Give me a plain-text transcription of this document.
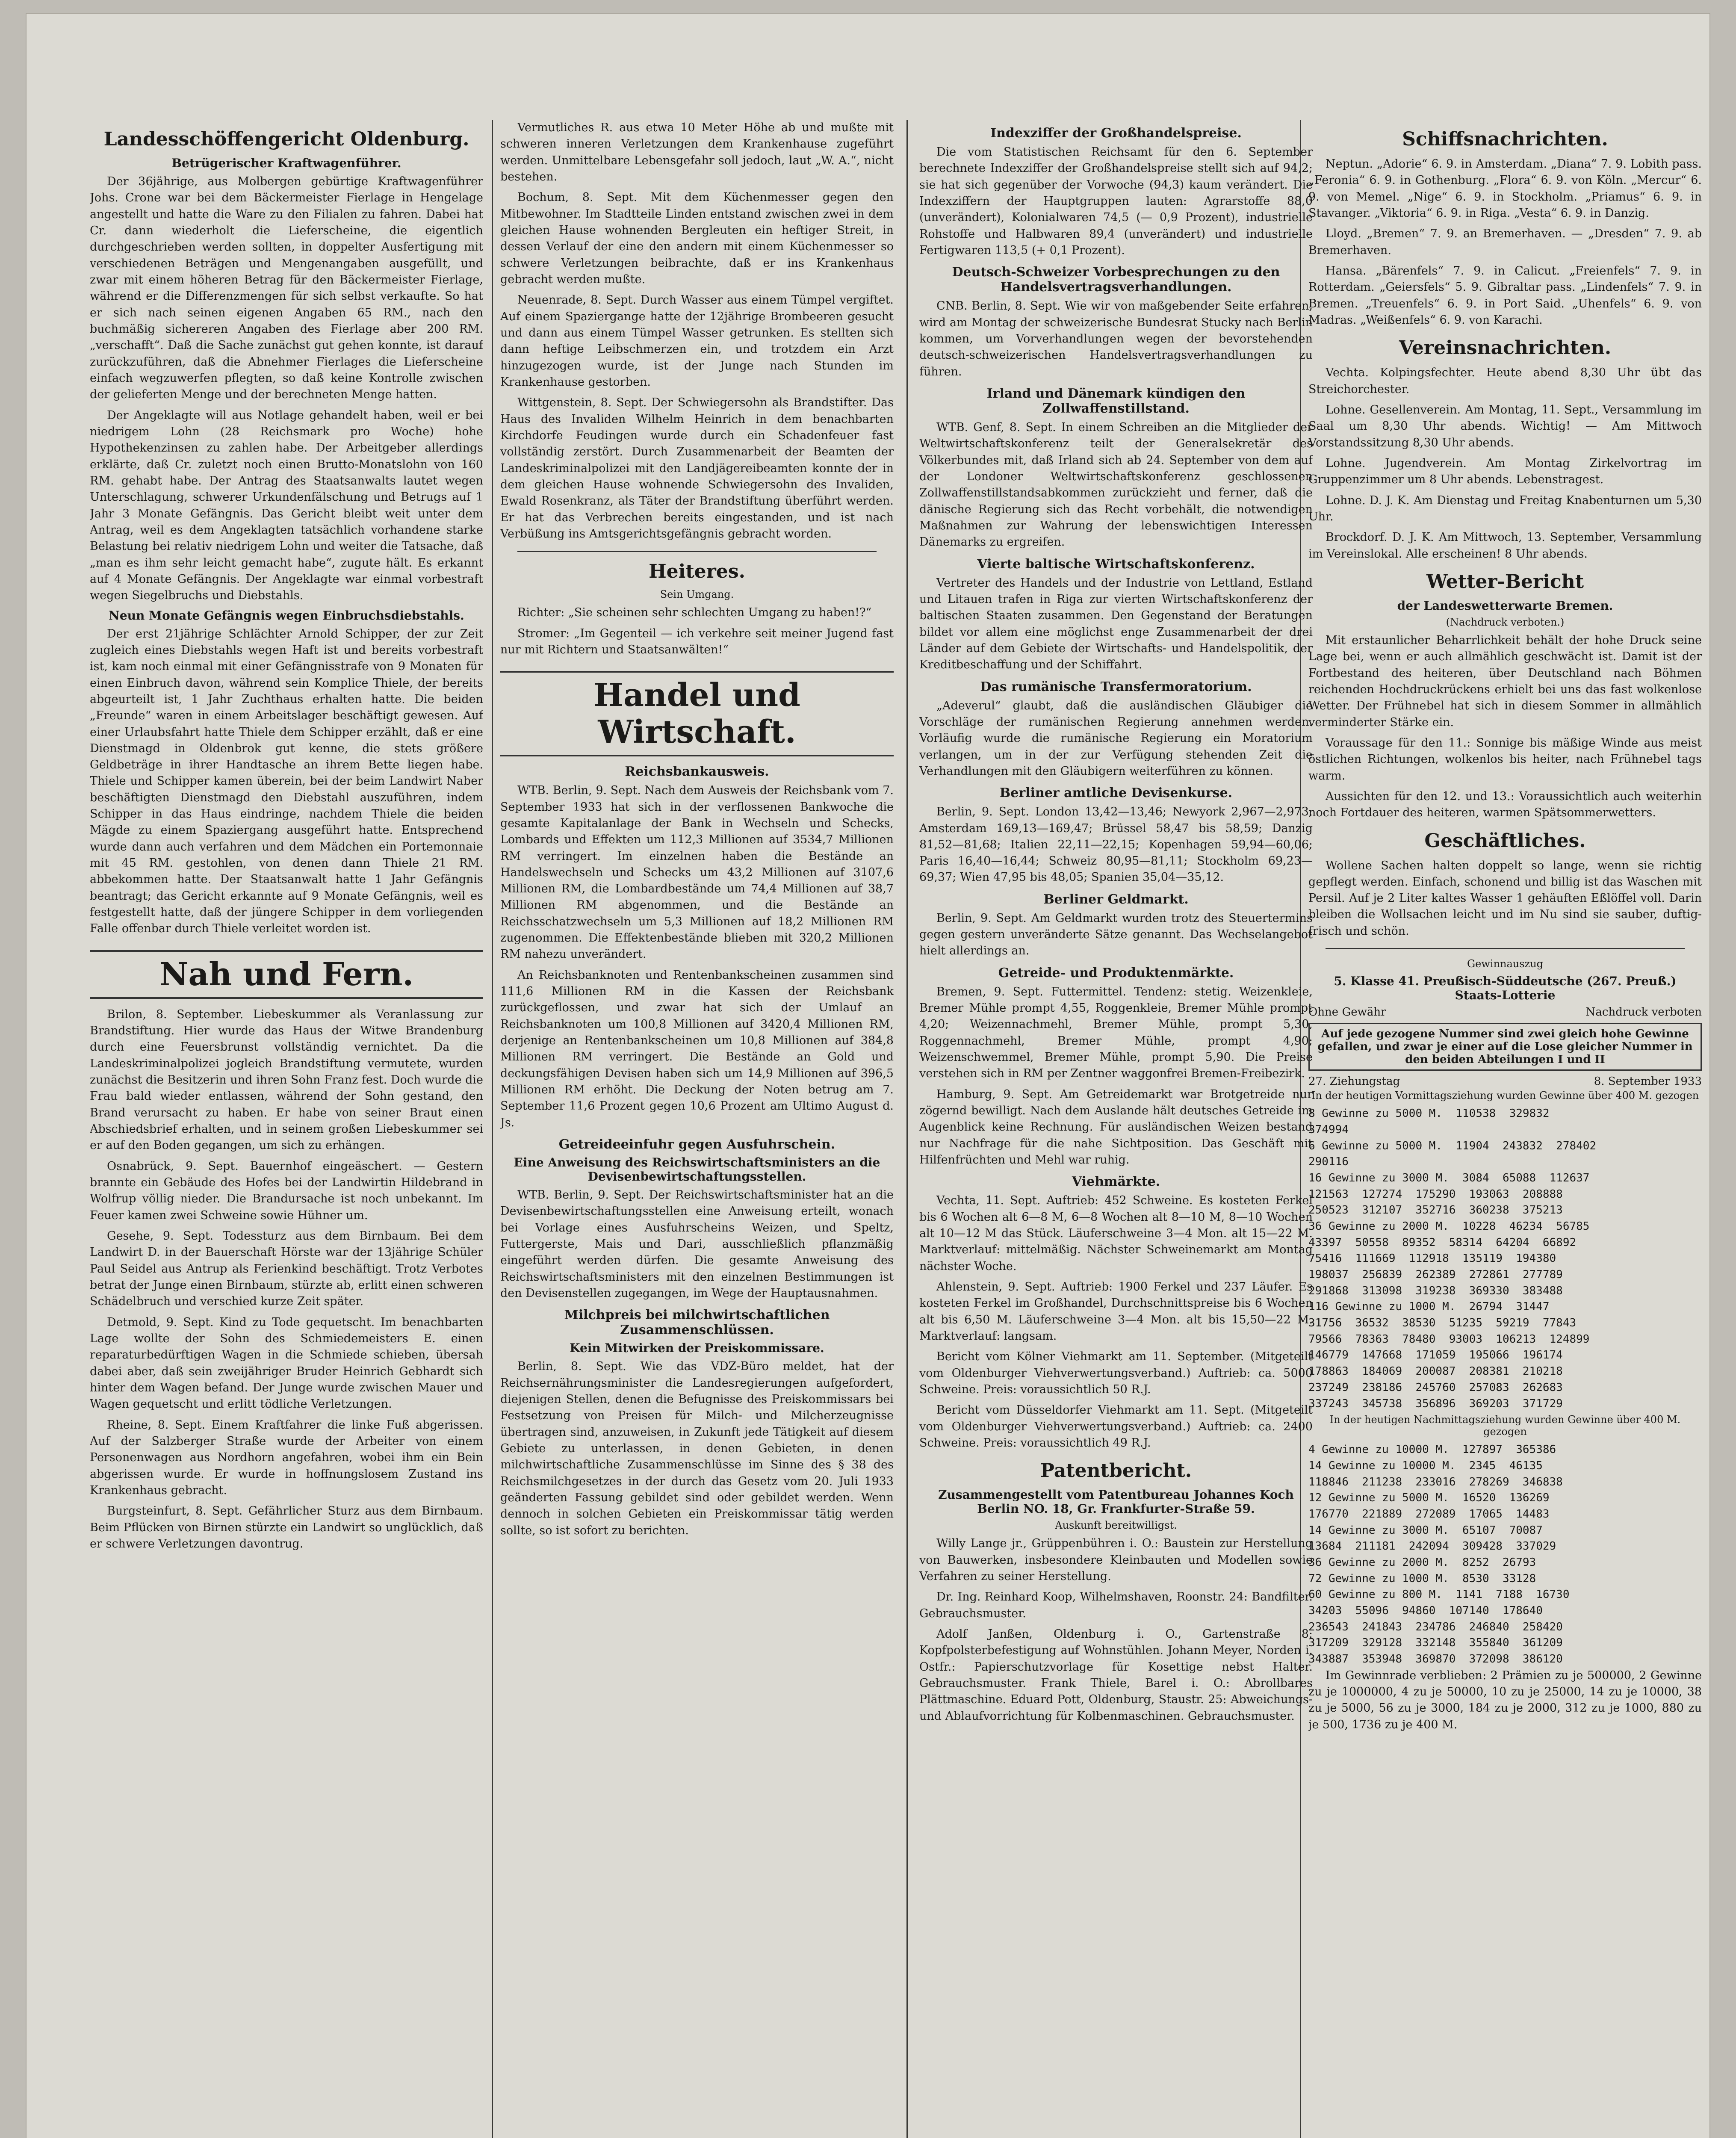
Landesschöffengericht Oldenburg.
Betrügerischer Kraftwagenführer.

Der 36jährige, aus Molbergen gebürtige Kraftwagenführer Johs. Crone war bei dem Bäckermeister Fierlage in Hengelage angestellt und hatte die Ware zu den Filialen zu fahren. Dabei hat Cr. dann wiederholt die Lieferscheine, die eigentlich durchgeschrieben werden sollten, in doppelter Ausfertigung mit verschiedenen Beträgen und Mengenangaben ausgefüllt, und zwar mit einem höheren Betrag für den Bäckermeister Fierlage, während er die Differenzmengen für sich selbst verkaufte. So hat er sich nach seinen eigenen Angaben 65 RM., nach den buchmäßig sichereren Angaben des Fierlage aber 200 RM. „verschafft“. Daß die Sache zunächst gut gehen konnte, ist darauf zurückzuführen, daß die Abnehmer Fierlages die Lieferscheine einfach wegzuwerfen pflegten, so daß keine Kontrolle zwischen der gelieferten Menge und der berechneten Menge hatten.

Der Angeklagte will aus Notlage gehandelt haben, weil er bei niedrigem Lohn (28 Reichsmark pro Woche) hohe Hypothekenzinsen zu zahlen habe. Der Arbeitgeber allerdings erklärte, daß Cr. zuletzt noch einen Brutto-Monatslohn von 160 RM. gehabt habe. Der Antrag des Staatsanwalts lautet wegen Unterschlagung, schwerer Urkundenfälschung und Betrugs auf 1 Jahr 3 Monate Gefängnis. Das Gericht bleibt weit unter dem Antrag, weil es dem Angeklagten tatsächlich vorhandene starke Belastung bei relativ niedrigem Lohn und weiter die Tatsache, daß „man es ihm sehr leicht gemacht habe“, zugute hält. Es erkannt auf 4 Monate Gefängnis. Der Angeklagte war einmal vorbestraft wegen Siegelbruchs und Diebstahls.

Neun Monate Gefängnis wegen Einbruchsdiebstahls.

Der erst 21jährige Schlächter Arnold Schipper, der zur Zeit zugleich eines Diebstahls wegen Haft ist und bereits vorbestraft ist, kam noch einmal mit einer Gefängnisstrafe von 9 Monaten für einen Einbruch davon, während sein Komplice Thiele, der bereits abgeurteilt ist, 1 Jahr Zuchthaus erhalten hatte. Die beiden „Freunde“ waren in einem Arbeitslager beschäftigt gewesen. Auf einer Urlaubsfahrt hatte Thiele dem Schipper erzählt, daß er eine Dienstmagd in Oldenbrok gut kenne, die stets größere Geldbeträge in ihrer Handtasche an ihrem Bette liegen habe. Thiele und Schipper kamen überein, bei der beim Landwirt Naber beschäftigten Dienstmagd den Diebstahl auszuführen, indem Schipper in das Haus eindringe, nachdem Thiele die beiden Mägde zu einem Spaziergang ausgeführt hatte. Entsprechend wurde dann auch verfahren und dem Mädchen ein Portemonnaie mit 45 RM. gestohlen, von denen dann Thiele 21 RM. abbekommen hatte. Der Staatsanwalt hatte 1 Jahr Gefängnis beantragt; das Gericht erkannte auf 9 Monate Gefängnis, weil es festgestellt hatte, daß der jüngere Schipper in dem vorliegenden Falle offenbar durch Thiele verleitet worden ist.

Nah und Fern.

Brilon, 8. September. Liebeskummer als Veranlassung zur Brandstiftung. Hier wurde das Haus der Witwe Brandenburg durch eine Feuersbrunst vollständig vernichtet. Da die Landeskriminalpolizei jogleich Brandstiftung vermutete, wurden zunächst die Besitzerin und ihren Sohn Franz fest. Doch wurde die Frau bald wieder entlassen, während der Sohn gestand, den Brand verursacht zu haben. Er habe von seiner Braut einen Abschiedsbrief erhalten, und in seinem großen Liebeskummer sei er auf den Boden gegangen, um sich zu erhängen.

Osnabrück, 9. Sept. Bauernhof eingeäschert. — Gestern brannte ein Gebäude des Hofes bei der Landwirtin Hildebrand in Wolfrup völlig nieder. Die Brandursache ist noch unbekannt. Im Feuer kamen zwei Schweine sowie Hühner um.

Gesehe, 9. Sept. Todessturz aus dem Birnbaum. Bei dem Landwirt D. in der Bauerschaft Hörste war der 13jährige Schüler Paul Seidel aus Antrup als Ferienkind beschäftigt. Trotz Verbotes betrat der Junge einen Birnbaum, stürzte ab, erlitt einen schweren Schädelbruch und verschied kurze Zeit später.

Detmold, 9. Sept. Kind zu Tode gequetscht. Im benachbarten Lage wollte der Sohn des Schmiedemeisters E. einen reparaturbedürftigen Wagen in die Schmiede schieben, übersah dabei aber, daß sein zweijähriger Bruder Heinrich Gebhardt sich hinter dem Wagen befand. Der Junge wurde zwischen Mauer und Wagen gequetscht und erlitt tödliche Verletzungen.

Rheine, 8. Sept. Einem Kraftfahrer die linke Fuß abgerissen. Auf der Salzberger Straße wurde der Arbeiter von einem Personenwagen aus Nordhorn angefahren, wobei ihm ein Bein abgerissen wurde. Er wurde in hoffnungslosem Zustand ins Krankenhaus gebracht.

Burgsteinfurt, 8. Sept. Gefährlicher Sturz aus dem Birnbaum. Beim Pflücken von Birnen stürzte ein Landwirt so unglücklich, daß er schwere Verletzungen davontrug.

Vermutliches R. aus etwa 10 Meter Höhe ab und mußte mit schweren inneren Verletzungen dem Krankenhause zugeführt werden. Unmittelbare Lebensgefahr soll jedoch, laut „W. A.“, nicht bestehen.

Bochum, 8. Sept. Mit dem Küchenmesser gegen den Mitbewohner. Im Stadtteile Linden entstand zwischen zwei in dem gleichen Hause wohnenden Bergleuten ein heftiger Streit, in dessen Verlauf der eine den andern mit einem Küchenmesser so schwere Verletzungen beibrachte, daß er ins Krankenhaus gebracht werden mußte.

Neuenrade, 8. Sept. Durch Wasser aus einem Tümpel vergiftet. Auf einem Spaziergange hatte der 12jährige Brombeeren gesucht und dann aus einem Tümpel Wasser getrunken. Es stellten sich dann heftige Leibschmerzen ein, und trotzdem ein Arzt hinzugezogen wurde, ist der Junge nach Stunden im Krankenhause gestorben.

Wittgenstein, 8. Sept. Der Schwiegersohn als Brandstifter. Das Haus des Invaliden Wilhelm Heinrich in dem benachbarten Kirchdorfe Feudingen wurde durch ein Schadenfeuer fast vollständig zerstört. Durch Zusammenarbeit der Beamten der Landeskriminalpolizei mit den Landjägereibeamten konnte der in dem gleichen Hause wohnende Schwiegersohn des Invaliden, Ewald Rosenkranz, als Täter der Brandstiftung überführt werden. Er hat das Verbrechen bereits eingestanden, und ist nach Verbüßung ins Amtsgerichtsgefängnis gebracht worden.

Heiteres.
Sein Umgang.

Richter: „Sie scheinen sehr schlechten Umgang zu haben!?“

Stromer: „Im Gegenteil — ich verkehre seit meiner Jugend fast nur mit Richtern und Staatsanwälten!“

Handel und Wirtschaft.
Reichsbankausweis.

WTB. Berlin, 9. Sept. Nach dem Ausweis der Reichsbank vom 7. September 1933 hat sich in der verflossenen Bankwoche die gesamte Kapitalanlage der Bank in Wechseln und Schecks, Lombards und Effekten um 112,3 Millionen auf 3534,7 Millionen RM verringert. Im einzelnen haben die Bestände an Handelswechseln und Schecks um 43,2 Millionen auf 3107,6 Millionen RM, die Lombardbestände um 74,4 Millionen auf 38,7 Millionen RM abgenommen, und die Bestände an Reichsschatzwechseln um 5,3 Millionen auf 18,2 Millionen RM zugenommen. Die Effektenbestände blieben mit 320,2 Millionen RM nahezu unverändert.

An Reichsbanknoten und Rentenbankscheinen zusammen sind 111,6 Millionen RM in die Kassen der Reichsbank zurückgeflossen, und zwar hat sich der Umlauf an Reichsbanknoten um 100,8 Millionen auf 3420,4 Millionen RM, derjenige an Rentenbankscheinen um 10,8 Millionen auf 384,8 Millionen RM verringert. Die Bestände an Gold und deckungsfähigen Devisen haben sich um 14,9 Millionen auf 396,5 Millionen RM erhöht. Die Deckung der Noten betrug am 7. September 11,6 Prozent gegen 10,6 Prozent am Ultimo August d. Js.

Getreideeinfuhr gegen Ausfuhrschein.
Eine Anweisung des Reichswirtschaftsministers an die Devisenbewirtschaftungsstellen.

WTB. Berlin, 9. Sept. Der Reichswirtschaftsminister hat an die Devisenbewirtschaftungsstellen eine Anweisung erteilt, wonach bei Vorlage eines Ausfuhrscheins Weizen, und Speltz, Futtergerste, Mais und Dari, ausschließlich pflanzmäßig eingeführt werden dürfen. Die gesamte Anweisung des Reichswirtschaftsministers mit den einzelnen Bestimmungen ist den Devisenstellen zugegangen, im Wege der Hauptausnahmen.

Milchpreis bei milchwirtschaftlichen Zusammenschlüssen.
Kein Mitwirken der Preiskommissare.

Berlin, 8. Sept. Wie das VDZ-Büro meldet, hat der Reichsernährungsminister die Landesregierungen aufgefordert, diejenigen Stellen, denen die Befugnisse des Preiskommissars bei Festsetzung von Preisen für Milch- und Milcherzeugnisse übertragen sind, anzuweisen, in Zukunft jede Tätigkeit auf diesem Gebiete zu unterlassen, in denen Gebieten, in denen milchwirtschaftliche Zusammenschlüsse im Sinne des § 38 des Reichsmilchgesetzes in der durch das Gesetz vom 20. Juli 1933 geänderten Fassung gebildet sind oder gebildet werden. Wenn dennoch in solchen Gebieten ein Preiskommissar tätig werden sollte, so ist sofort zu berichten.

Indexziffer der Großhandelspreise.

Die vom Statistischen Reichsamt für den 6. September berechnete Indexziffer der Großhandelspreise stellt sich auf 94,2; sie hat sich gegenüber der Vorwoche (94,3) kaum verändert. Die Indexziffern der Hauptgruppen lauten: Agrarstoffe 88,0 (unverändert), Kolonialwaren 74,5 (— 0,9 Prozent), industrielle Rohstoffe und Halbwaren 89,4 (unverändert) und industrielle Fertigwaren 113,5 (+ 0,1 Prozent).

Deutsch-Schweizer Vorbesprechungen zu den Handelsvertragsverhandlungen.

CNB. Berlin, 8. Sept. Wie wir von maßgebender Seite erfahren, wird am Montag der schweizerische Bundesrat Stucky nach Berlin kommen, um Vorverhandlungen wegen der bevorstehenden deutsch-schweizerischen Handelsvertragsverhandlungen zu führen.

Irland und Dänemark kündigen den Zollwaffenstillstand.

WTB. Genf, 8. Sept. In einem Schreiben an die Mitglieder der Weltwirtschaftskonferenz teilt der Generalsekretär des Völkerbundes mit, daß Irland sich ab 24. September von dem auf der Londoner Weltwirtschaftskonferenz geschlossenen Zollwaffenstillstandsabkommen zurückzieht und ferner, daß die dänische Regierung sich das Recht vorbehält, die notwendigen Maßnahmen zur Wahrung der lebenswichtigen Interessen Dänemarks zu ergreifen.

Vierte baltische Wirtschaftskonferenz.

Vertreter des Handels und der Industrie von Lettland, Estland und Litauen trafen in Riga zur vierten Wirtschaftskonferenz der baltischen Staaten zusammen. Den Gegenstand der Beratungen bildet vor allem eine möglichst enge Zusammenarbeit der drei Länder auf dem Gebiete der Wirtschafts- und Handelspolitik, der Kreditbeschaffung und der Schiffahrt.

Das rumänische Transfermoratorium.

„Adeverul“ glaubt, daß die ausländischen Gläubiger die Vorschläge der rumänischen Regierung annehmen werden. Vorläufig wurde die rumänische Regierung ein Moratorium verlangen, um in der zur Verfügung stehenden Zeit die Verhandlungen mit den Gläubigern weiterführen zu können.

Berliner amtliche Devisenkurse.

Berlin, 9. Sept. London 13,42—13,46; Newyork 2,967—2,973; Amsterdam 169,13—169,47; Brüssel 58,47 bis 58,59; Danzig 81,52—81,68; Italien 22,11—22,15; Kopenhagen 59,94—60,06; Paris 16,40—16,44; Schweiz 80,95—81,11; Stockholm 69,23—69,37; Wien 47,95 bis 48,05; Spanien 35,04—35,12.

Berliner Geldmarkt.

Berlin, 9. Sept. Am Geldmarkt wurden trotz des Steuertermins gegen gestern unveränderte Sätze genannt. Das Wechselangebot hielt allerdings an.

Getreide- und Produktenmärkte.

Bremen, 9. Sept. Futtermittel. Tendenz: stetig. Weizenkleie, Bremer Mühle prompt 4,55, Roggenkleie, Bremer Mühle prompt 4,20; Weizennachmehl, Bremer Mühle, prompt 5,30, Roggennachmehl, Bremer Mühle, prompt 4,90; Weizenschwemmel, Bremer Mühle, prompt 5,90. Die Preise verstehen sich in RM per Zentner waggonfrei Bremen-Freibezirk.

Hamburg, 9. Sept. Am Getreidemarkt war Brotgetreide nur zögernd bewilligt. Nach dem Auslande hält deutsches Getreide im Augenblick keine Rechnung. Für ausländischen Weizen bestand nur Nachfrage für die nahe Sichtposition. Das Geschäft mit Hilfenfrüchten und Mehl war ruhig.

Viehmärkte.

Vechta, 11. Sept. Auftrieb: 452 Schweine. Es kosteten Ferkel bis 6 Wochen alt 6—8 M, 6—8 Wochen alt 8—10 M, 8—10 Wochen alt 10—12 M das Stück. Läuferschweine 3—4 Mon. alt 15—22 M. Marktverlauf: mittelmäßig. Nächster Schweinemarkt am Montag nächster Woche.

Ahlenstein, 9. Sept. Auftrieb: 1900 Ferkel und 237 Läufer. Es kosteten Ferkel im Großhandel, Durchschnittspreise bis 6 Wochen alt bis 6,50 M. Läuferschweine 3—4 Mon. alt bis 15,50—22 M. Marktverlauf: langsam.

Bericht vom Kölner Viehmarkt am 11. September. (Mitgeteilt vom Oldenburger Viehverwertungsverband.) Auftrieb: ca. 5000 Schweine. Preis: voraussichtlich 50 R.J.

Bericht vom Düsseldorfer Viehmarkt am 11. Sept. (Mitgeteilt vom Oldenburger Viehverwertungsverband.) Auftrieb: ca. 2400 Schweine. Preis: voraussichtlich 49 R.J.

Patentbericht.
Zusammengestellt vom Patentbureau Johannes Koch Berlin NO. 18, Gr. Frankfurter-Straße 59.
Auskunft bereitwilligst.

Willy Lange jr., Grüppenbühren i. O.: Baustein zur Herstellung von Bauwerken, insbesondere Kleinbauten und Modellen sowie Verfahren zu seiner Herstellung.

Dr. Ing. Reinhard Koop, Wilhelmshaven, Roonstr. 24: Bandfilter. Gebrauchsmuster.

Adolf Janßen, Oldenburg i. O., Gartenstraße 8: Kopfpolsterbefestigung auf Wohnstühlen. Johann Meyer, Norden i. Ostfr.: Papierschutzvorlage für Kosettige nebst Halter. Gebrauchsmuster. Frank Thiele, Barel i. O.: Abrollbares Plättmaschine. Eduard Pott, Oldenburg, Staustr. 25: Abweichungs- und Ablaufvorrichtung für Kolbenmaschinen. Gebrauchsmuster.

Schiffsnachrichten.

Neptun. „Adorie“ 6. 9. in Amsterdam. „Diana“ 7. 9. Lobith pass. „Feronia“ 6. 9. in Gothenburg. „Flora“ 6. 9. von Köln. „Mercur“ 6. 9. von Memel. „Nige“ 6. 9. in Stockholm. „Priamus“ 6. 9. in Stavanger. „Viktoria“ 6. 9. in Riga. „Vesta“ 6. 9. in Danzig.

Lloyd. „Bremen“ 7. 9. an Bremerhaven. — „Dresden“ 7. 9. ab Bremerhaven.

Hansa. „Bärenfels“ 7. 9. in Calicut. „Freienfels“ 7. 9. in Rotterdam. „Geiersfels“ 5. 9. Gibraltar pass. „Lindenfels“ 7. 9. in Bremen. „Treuenfels“ 6. 9. in Port Said. „Uhenfels“ 6. 9. von Madras. „Weißenfels“ 6. 9. von Karachi.

Vereinsnachrichten.

Vechta. Kolpingsfechter. Heute abend 8,30 Uhr übt das Streichorchester.

Lohne. Gesellenverein. Am Montag, 11. Sept., Versammlung im Saal um 8,30 Uhr abends. Wichtig! — Am Mittwoch Vorstandssitzung 8,30 Uhr abends.

Lohne. Jugendverein. Am Montag Zirkelvortrag im Gruppenzimmer um 8 Uhr abends. Lebenstragest.

Lohne. D. J. K. Am Dienstag und Freitag Knabenturnen um 5,30 Uhr.

Brockdorf. D. J. K. Am Mittwoch, 13. September, Versammlung im Vereinslokal. Alle erscheinen! 8 Uhr abends.

Wetter-Bericht
der Landeswetterwarte Bremen.
(Nachdruck verboten.)

Mit erstaunlicher Beharrlichkeit behält der hohe Druck seine Lage bei, wenn er auch allmählich geschwächt ist. Damit ist der Fortbestand des heiteren, über Deutschland nach Böhmen reichenden Hochdruckrückens erhielt bei uns das fast wolkenlose Wetter. Der Frühnebel hat sich in diesem Sommer in allmählich verminderter Stärke ein.

Voraussage für den 11.: Sonnige bis mäßige Winde aus meist östlichen Richtungen, wolkenlos bis heiter, nach Frühnebel tags warm.

Aussichten für den 12. und 13.: Voraussichtlich auch weiterhin noch Fortdauer des heiteren, warmen Spätsommerwetters.

Geschäftliches.

Wollene Sachen halten doppelt so lange, wenn sie richtig gepflegt werden. Einfach, schonend und billig ist das Waschen mit Persil. Auf je 2 Liter kaltes Wasser 1 gehäuften Eßlöffel voll. Darin bleiben die Wollsachen leicht und im Nu sind sie sauber, duftig-frisch und schön.

Gewinnauszug
5. Klasse 41. Preußisch-Süddeutsche (267. Preuß.) Staats-Lotterie
Ohne Gewähr	Nachdruck verboten
Auf jede gezogene Nummer sind zwei gleich hohe Gewinne gefallen, und zwar je einer auf die Lose gleicher Nummer in den beiden Abteilungen I und II
27. Ziehungstag	8. September 1933
In der heutigen Vormittagsziehung wurden Gewinne über 400 M. gezogen
8 Gewinne zu 5000 M.  110538  329832
374994
6 Gewinne zu 5000 M.  11904  243832  278402
290116
16 Gewinne zu 3000 M.  3084  65088  112637
121563  127274  175290  193063  208888
250523  312107  352716  360238  375213
36 Gewinne zu 2000 M.  10228  46234  56785
43397  50558  89352  58314  64204  66892
75416  111669  112918  135119  194380
198037  256839  262389  272861  277789
291868  313098  319238  369330  383488
116 Gewinne zu 1000 M.  26794  31447
31756  36532  38530  51235  59219  77843
79566  78363  78480  93003  106213  124899
146779  147668  171059  195066  196174
178863  184069  200087  208381  210218
237249  238186  245760  257083  262683
337243  345738  356896  369203  371729
In der heutigen Nachmittagsziehung wurden Gewinne über 400 M. gezogen
4 Gewinne zu 10000 M.  127897  365386
14 Gewinne zu 10000 M.  2345  46135
118846  211238  233016  278269  346838
12 Gewinne zu 5000 M.  16520  136269
176770  221889  272089  17065  14483
14 Gewinne zu 3000 M.  65107  70087
13684  211181  242094  309428  337029
36 Gewinne zu 2000 M.  8252  26793
72 Gewinne zu 1000 M.  8530  33128
60 Gewinne zu 800 M.  1141  7188  16730
34203  55096  94860  107140  178640
236543  241843  234786  246840  258420
317209  329128  332148  355840  361209
343887  353948  369870  372098  386120

Im Gewinnrade verblieben: 2 Prämien zu je 500000, 2 Gewinne zu je 1000000, 4 zu je 50000, 10 zu je 25000, 14 zu je 10000, 38 zu je 5000, 56 zu je 3000, 184 zu je 2000, 312 zu je 1000, 880 zu je 500, 1736 zu je 400 M.
